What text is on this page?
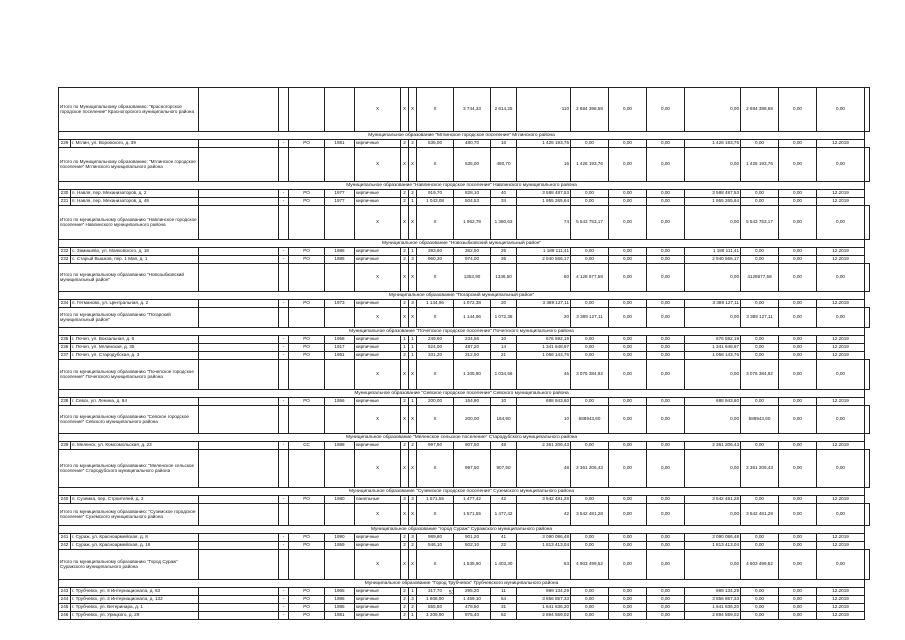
Итого по Муниципальному образованию: "Красногорское городское поселение" Красногорского муниципального района						X	X	X	X	3 744,33	2 614,25	110	2 684 398,58	0,00	0,00	0,00	2 684 398,58	0,00	0,00	
Муниципальное образование "Мглинское городское поселение" Мглинского района																				
229	г. Мглин, ул. Воровского, д. 39		-	PO	1981	кирпичные	2	2	535,00	480,70	16	1 426 193,76	0,00	0,00	0,00	1 426 193,76	0,00	0,00	12.2019	
Итого по Муниципальному образованию: "Мглинское городское поселение" Мглинского муниципального района						X	X	X	X	535,00	480,70	16	1 426 193,76	0,00	0,00	0,00	1 426 193,76	0,00	0,00	
Муниципальное образование "Навлинское городское поселение" Навлинского муниципального района																				
230	п. Навля, пер. Механизаторов, д. 2		-	PO	1977	кирпичные	2	2	919,70	828,10	40	3 588 487,53	0,00	0,00	0,00	3 588 487,53	0,00	0,00	12.2019	
231	п. Навля, пер. Механизаторов, д. 48		-	PO	1977	кирпичные	2	1	1 043,08	504,53	34	1 955 265,64	0,00	0,00	0,00	1 955 265,64	0,00	0,00	12.2019	
Итого по муниципальному образованию "Навлинское городское поселение" Навлинского муниципального района						X	X	X	X	1 962,78	1 380,63	74	5 543 753,17	0,00	0,00	0,00	5 543 753,17	0,00	0,00	
Муниципальное образование "Новозыбковский муниципальный район"																				
232	с. Замишево, ул. Маяковского, д. 18		-	PO	1986	кирпичные	2	1	393,60	362,50	25	1 188 111,41	0,00	0,00	0,00	1 188 111,41	0,00	0,00	12.2019	
233	с. Старый Вышков, пер. 1 Мая, д. 1		-	PO	1985	кирпичные	2	3	960,30	974,00	35	2 940 566,17	0,00	0,00	0,00	2 940 566,17	0,00	0,00	12.2019	
Итого по муниципальному образованию "Новозыбковский муниципальный район"						X	X	X	X	1353,90	1336,50	60	4 128 677,58	0,00	0,00	0,00	4128677,58	0,00	0,00	
Муниципальное образование "Погарский муниципальный район"																				
234	п. Гетманово, ул. Центральная, д. 2		-	PO	1973	кирпичные	2	3	1 144,96	1 072,38	20	3 389 127,11	0,00	0,00	0,00	3 389 127,11	0,00	0,00	12.2019	
Итого по муниципальному образованию "Погарский муниципальный район"						X	X	X	X	1 144,96	1 072,38	20	3 389 127,11	0,00	0,00	0,00	3 389 127,11	0,00	0,00	
Муниципальное образование "Почепское городское поселение" Почепского муниципального района																				
235	г. Почеп, ул. Вокзальная, д. 6		-	PO	1958	кирпичные	1	1	249,60	234,56	10	676 592,19	0,00	0,00	0,00	676 592,19	0,00	0,00	12.2019	
236	г. Почеп, ул. Мглинская, д. 35		-	PO	1917	кирпичные	1	1	524,00	487,20	14	1 341 648,97	0,00	0,00	0,00	1 341 648,97	0,00	0,00	12.2019	
237	г. Почеп, ул. Стародубская, д. 3		-	PO	1951	кирпичные	2	1	331,20	312,50	21	1 058 143,76	0,00	0,00	0,00	1 058 143,76	0,00	0,00	12.2019	
Итого по муниципальному образованию "Почепское городское поселение" Почепского муниципального района						X	X	X	X	1 105,80	1 034,56	45	3 076 384,92	0,00	0,00	0,00	3 076 384,92	0,00	0,00	
Муниципальное образование "Севское городское поселение" Севского муниципального района																				
238	г. Севск, ул. Ленина, д. 84		-	PO	1956	кирпичные	2	1	200,00	164,90	10	688 943,60	0,00	0,00	0,00	688 943,60	0,00	0,00	12.2019	
Итого по муниципальному образованию "Севское городское поселение" Севского муниципального района						X	X	X	X	200,00	164,90	10	688943,60	0,00	0,00	0,00	688943,60	0,00	0,00	
Муниципальное образование "Меленское сельское поселение" Стародубского муниципального района																				
239	п. Меленск, ул. Комсомольская, д. 23		-	CC	1988	кирпичные	2	2	997,50	907,50	48	2 361 206,43	0,00	0,00	0,00	2 361 206,43	0,00	0,00	12.2019	
Итого по муниципальному образованию: "Меленское сельское поселение" Стародубского муниципального района						X	X	X	X	997,50	907,50	48	2 361 206,43	0,00	0,00	0,00	2 361 206,43	0,00	0,00	
Муниципальное образование "Суземское городское поселение" Суземского муниципального района																				
240	п. Суземка, пер. Строителей, д. 3		-	PO	1980	панельные	3	3	1 571,55	1 477,42	42	3 542 481,28	0,00	0,00	0,00	3 542 481,28	0,00	0,00	12.2019	
Итого по муниципальному образованию: "Суземское городское поселение" Суземского муниципального района						X	X	X	X	1 571,55	1 477,42	42	3 542 481,28	0,00	0,00	0,00	3 542 481,28	0,00	0,00	
Муниципальное образование "город Сураж" Суражского муниципального района																				
241	г. Сураж, ул. Красноармейская, д. 8		-	PO	1990	кирпичные	2	3	989,80	901,20	41	3 090 086,48	0,00	0,00	0,00	3 090 086,48	0,00	0,00	12.2019	
242	г. Сураж, ул. Красноармейская, д. 16		-	PO	1959	кирпичные	2	2	546,10	502,10	22	1 813 413,04	0,00	0,00	0,00	1 813 413,04	0,00	0,00	12.2019	
Итого по муниципальному образованию "Город Сураж" Суражского муниципального района						X	X	X	X	1 535,90	1 403,30	63	4 903 499,52	0,00	0,00	0,00	4 903 499,52	0,00	0,00	
Муниципальное образование "Город Трубчевск" Трубчевского муниципального района																				
243	г. Трубчевск, ул. 9 Интернационала, д. 63		-	PO	1965	кирпичные	2	1	317,70	295,20	11	989 134,29	0,00	0,00	0,00	989 134,29	0,00	0,00	12.2019	
244	г. Трубчевск, ул. 3 Интернационала, д. 132		-	PO	1986	кирпичные	2	3	1 608,90	1 469,10	54	3 856 857,33	0,00	0,00	0,00	3 856 857,33	0,00	0,00	12.2019	
245	г. Трубчевск, ул. Ветеринара, д. 1		-	PO	1985	кирпичные	2	2	555,50	478,50	31	1 641 636,20	0,00	0,00	0,00	1 641 636,20	0,00	0,00	12.2019	
246	г. Трубчевск, ул. Урицкого, д. 29		-	PO	1981	кирпичные	2	1	1 209,90	975,40	62	2 894 559,02	0,00	0,00	0,00	2 894 559,02	0,00	0,00	12.2019	
51
